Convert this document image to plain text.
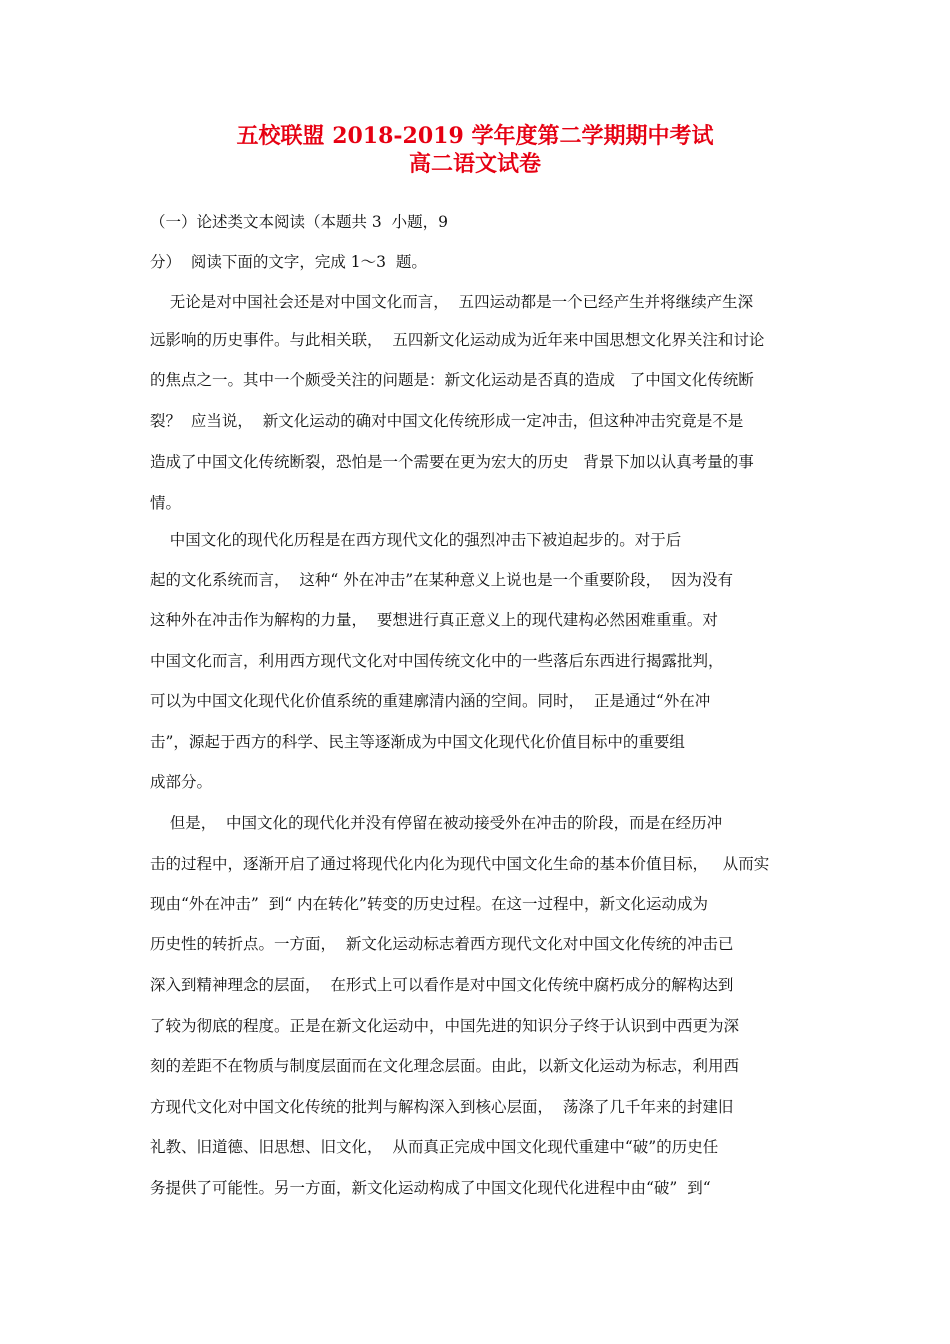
五校联盟 2018-2019 学年度第二学期期中考试
高二语文试卷
（一）论述类文本阅读（本题共 3  小题，9
分）  阅读下面的文字，完成 1～3  题。
无论是对中国社会还是对中国文化而言，  五四运动都是一个已经产生并将继续产生深
远影响的历史事件。与此相关联，  五四新文化运动成为近年来中国思想文化界关注和讨论
的焦点之一。其中一个颇受关注的问题是：新文化运动是否真的造成   了中国文化传统断
裂？  应当说，  新文化运动的确对中国文化传统形成一定冲击，但这种冲击究竟是不是
造成了中国文化传统断裂，恐怕是一个需要在更为宏大的历史   背景下加以认真考量的事
情。
中国文化的现代化历程是在西方现代文化的强烈冲击下被迫起步的。对于后
起的文化系统而言，  这种“ 外在冲击”在某种意义上说也是一个重要阶段，  因为没有
这种外在冲击作为解构的力量，  要想进行真正意义上的现代建构必然困难重重。对
中国文化而言，利用西方现代文化对中国传统文化中的一些落后东西进行揭露批判，
可以为中国文化现代化价值系统的重建廓清内涵的空间。同时，  正是通过“外在冲
击”，源起于西方的科学、民主等逐渐成为中国文化现代化价值目标中的重要组
成部分。
但是，  中国文化的现代化并没有停留在被动接受外在冲击的阶段，而是在经历冲
击的过程中，逐渐开启了通过将现代化内化为现代中国文化生命的基本价值目标，   从而实
现由“外在冲击”  到“ 内在转化”转变的历史过程。在这一过程中，新文化运动成为
历史性的转折点。一方面，  新文化运动标志着西方现代文化对中国文化传统的冲击已
深入到精神理念的层面，  在形式上可以看作是对中国文化传统中腐朽成分的解构达到
了较为彻底的程度。正是在新文化运动中，中国先进的知识分子终于认识到中西更为深
刻的差距不在物质与制度层面而在文化理念层面。由此，以新文化运动为标志，利用西
方现代文化对中国文化传统的批判与解构深入到核心层面，  荡涤了几千年来的封建旧
礼教、旧道德、旧思想、旧文化，  从而真正完成中国文化现代重建中“破”的历史任
务提供了可能性。另一方面，新文化运动构成了中国文化现代化进程中由“破”  到“
